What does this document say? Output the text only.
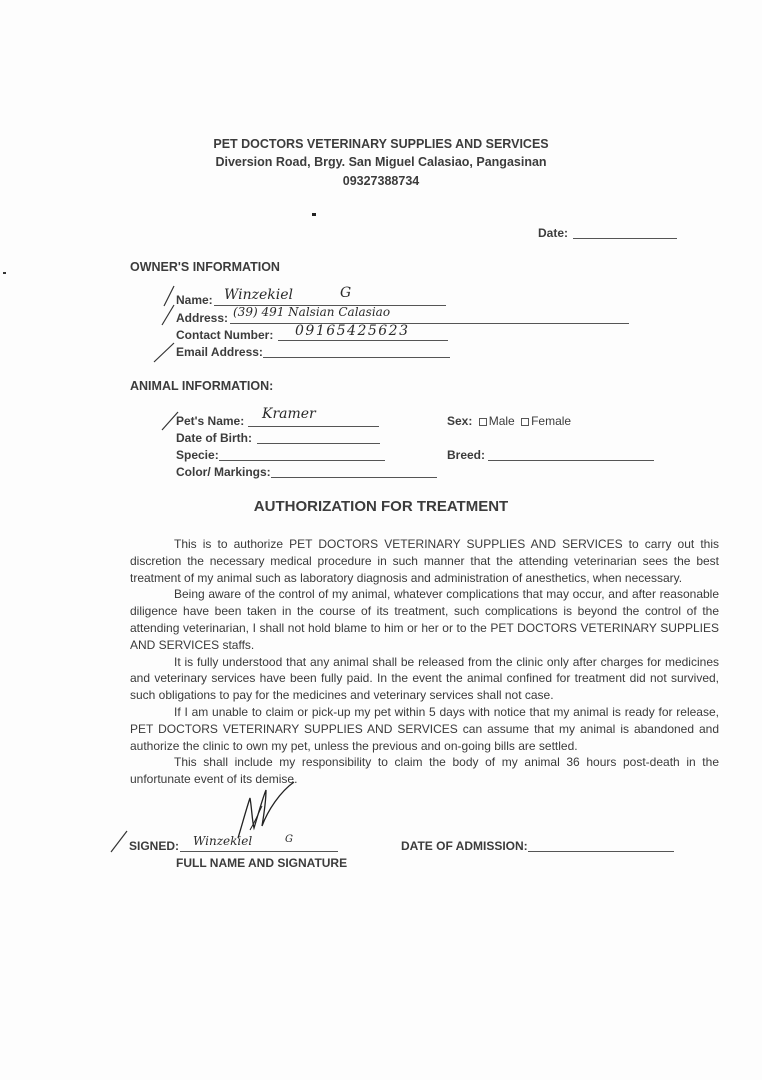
PET DOCTORS VETERINARY SUPPLIES AND SERVICES
Diversion Road, Brgy. San Miguel Calasiao, Pangasinan
09327388734
Date:
OWNER'S INFORMATION
Name: Winzekiel	G
Address: (39) 491 Nalsian Calasiao
Contact Number: 09165425623
Email Address:
ANIMAL INFORMATION:
Pet's Name: Kramer
Date of Birth:
Specie:
Color/ Markings:
Sex: Male Female
Breed:
AUTHORIZATION FOR TREATMENT

This is to authorize PET DOCTORS VETERINARY SUPPLIES AND SERVICES to carry out this discretion the necessary medical procedure in such manner that the attending veterinarian sees the best treatment of my animal such as laboratory diagnosis and administration of anesthetics, when necessary.

Being aware of the control of my animal, whatever complications that may occur, and after reasonable diligence have been taken in the course of its treatment, such complications is beyond the control of the attending veterinarian, I shall not hold blame to him or her or to the PET DOCTORS VETERINARY SUPPLIES AND SERVICES staffs.

It is fully understood that any animal shall be released from the clinic only after charges for medicines and veterinary services have been fully paid. In the event the animal confined for treatment did not survived, such obligations to pay for the medicines and veterinary services shall not case.

If I am unable to claim or pick-up my pet within 5 days with notice that my animal is ready for release, PET DOCTORS VETERINARY SUPPLIES AND SERVICES can assume that my animal is abandoned and authorize the clinic to own my pet, unless the previous and on-going bills are settled.

This shall include my responsibility to claim the body of my animal 36 hours post-death in the unfortunate event of its demise.

SIGNED: Winzekiel	G
FULL NAME AND SIGNATURE
DATE OF ADMISSION:
